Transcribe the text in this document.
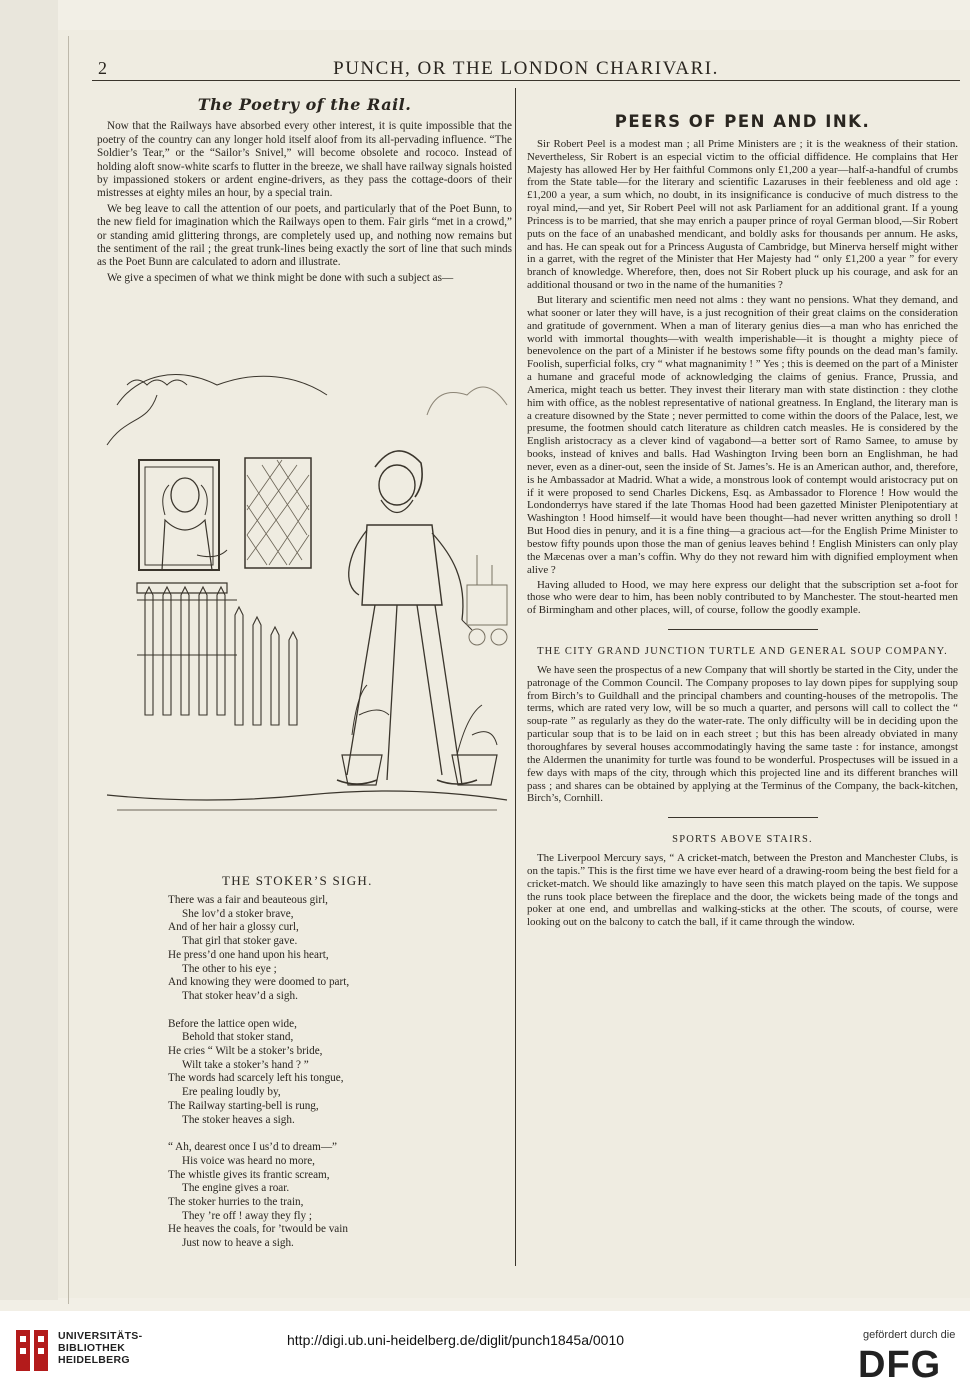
2	PUNCH, OR THE LONDON CHARIVARI.
The Poetry of the Rail.

Now that the Railways have absorbed every other interest, it is quite impossible that the poetry of the country can any longer hold itself aloof from its all-pervading influence. “The Soldier’s Tear,” or the “Sailor’s Snivel,” will become obsolete and rococo. Instead of holding aloft snow-white scarfs to flutter in the breeze, we shall have railway signals hoisted by impassioned stokers or ardent engine-drivers, as they pass the cottage-doors of their mistresses at eighty miles an hour, by a special train.

We beg leave to call the attention of our poets, and particularly that of the Poet Bunn, to the new field for imagination which the Railways open to them. Fair girls “met in a crowd,” or standing amid glittering throngs, are completely used up, and nothing now remains but the sentiment of the rail ; the great trunk-lines being exactly the sort of line that such minds as the Poet Bunn are calculated to adorn and illustrate.

We give a specimen of what we think might be done with such a subject as—

THE STOKER’S SIGH.
There was a fair and beauteous girl,
She lov’d a stoker brave,
And of her hair a glossy curl,
That girl that stoker gave.
He press’d one hand upon his heart,
The other to his eye ;
And knowing they were doomed to part,
That stoker heav’d a sigh.
Before the lattice open wide,
Behold that stoker stand,
He cries “ Wilt be a stoker’s bride,
Wilt take a stoker’s hand ? ”
The words had scarcely left his tongue,
Ere pealing loudly by,
The Railway starting-bell is rung,
The stoker heaves a sigh.
“ Ah, dearest once I us’d to dream—”
His voice was heard no more,
The whistle gives its frantic scream,
The engine gives a roar.
The stoker hurries to the train,
They ’re off ! away they fly ;
He heaves the coals, for ’twould be vain
Just now to heave a sigh.
PEERS OF PEN AND INK.

Sir Robert Peel is a modest man ; all Prime Ministers are ; it is the weakness of their station. Nevertheless, Sir Robert is an especial victim to the official diffidence. He complains that Her Majesty has allowed Her by Her faithful Commons only £1,200 a year—half-a-handful of crumbs from the State table—for the literary and scientific Lazaruses in their feebleness and old age : £1,200 a year, a sum which, no doubt, in its insignificance is conducive of much distress to the royal mind,—and yet, Sir Robert Peel will not ask Parliament for an additional grant. If a young Princess is to be married, that she may enrich a pauper prince of royal German blood,—Sir Robert puts on the face of an unabashed mendicant, and boldly asks for thousands per annum. He asks, and has. He can speak out for a Princess Augusta of Cambridge, but Minerva herself might wither in a garret, with the regret of the Minister that Her Majesty had “ only £1,200 a year ” for every branch of knowledge. Wherefore, then, does not Sir Robert pluck up his courage, and ask for an additional thousand or two in the name of the humanities ?

But literary and scientific men need not alms : they want no pensions. What they demand, and what sooner or later they will have, is a just recognition of their great claims on the consideration and gratitude of government. When a man of literary genius dies—a man who has enriched the world with immortal thoughts—with wealth imperishable—it is thought a mighty piece of benevolence on the part of a Minister if he bestows some fifty pounds on the dead man’s family. Foolish, superficial folks, cry “ what magnanimity ! ” Yes ; this is deemed on the part of a Minister a humane and graceful mode of acknowledging the claims of genius. France, Prussia, and America, might teach us better. They invest their literary man with state distinction : they clothe him with office, as the noblest representative of national greatness. In England, the literary man is a creature disowned by the State ; never permitted to come within the doors of the Palace, lest, we presume, the footmen should catch literature as children catch measles. He is considered by the English aristocracy as a clever kind of vagabond—a better sort of Ramo Samee, to amuse by books, instead of knives and balls. Had Washington Irving been born an Englishman, he had never, even as a diner-out, seen the inside of St. James’s. He is an American author, and, therefore, is he Ambassador at Madrid. What a wide, a monstrous look of contempt would aristocracy put on if it were proposed to send Charles Dickens, Esq. as Ambassador to Florence ! How would the Londonderrys have stared if the late Thomas Hood had been gazetted Minister Plenipotentiary at Washington ! Hood himself—it would have been thought—had never written anything so droll ! But Hood dies in penury, and it is a fine thing—a gracious act—for the English Prime Minister to bestow fifty pounds upon those the man of genius leaves behind ! English Ministers can only play the Mæcenas over a man’s coffin. Why do they not reward him with dignified employment when alive ?

Having alluded to Hood, we may here express our delight that the subscription set a-foot for those who were dear to him, has been nobly contributed to by Manchester. The stout-hearted men of Birmingham and other places, will, of course, follow the goodly example.

THE CITY GRAND JUNCTION TURTLE AND GENERAL SOUP COMPANY.

We have seen the prospectus of a new Company that will shortly be started in the City, under the patronage of the Common Council. The Company proposes to lay down pipes for supplying soup from Birch’s to Guildhall and the principal chambers and counting-houses of the metropolis. The terms, which are rated very low, will be so much a quarter, and persons will call to collect the “ soup-rate ” as regularly as they do the water-rate. The only difficulty will be in deciding upon the particular soup that is to be laid on in each street ; but this has been already obviated in many thoroughfares by several houses accommodatingly having the same taste : for instance, amongst the Aldermen the unanimity for turtle was found to be wonderful. Prospectuses will be issued in a few days with maps of the city, through which this projected line and its different branches will pass ; and shares can be obtained by applying at the Terminus of the Company, the back-kitchen, Birch’s, Cornhill.

SPORTS ABOVE STAIRS.

The Liverpool Mercury says, “ A cricket-match, between the Preston and Manchester Clubs, is on the tapis.” This is the first time we have ever heard of a drawing-room being the best field for a cricket-match. We should like amazingly to have seen this match played on the tapis. We suppose the runs took place between the fireplace and the door, the wickets being made of the tongs and poker at one end, and umbrellas and walking-sticks at the other. The scouts, of course, were looking out on the balcony to catch the ball, if it came through the window.

UNIVERSITÄTS-
BIBLIOTHEK
HEIDELBERG
http://digi.ub.uni-heidelberg.de/diglit/punch1845a/0010	gefördert durch die
DFG
